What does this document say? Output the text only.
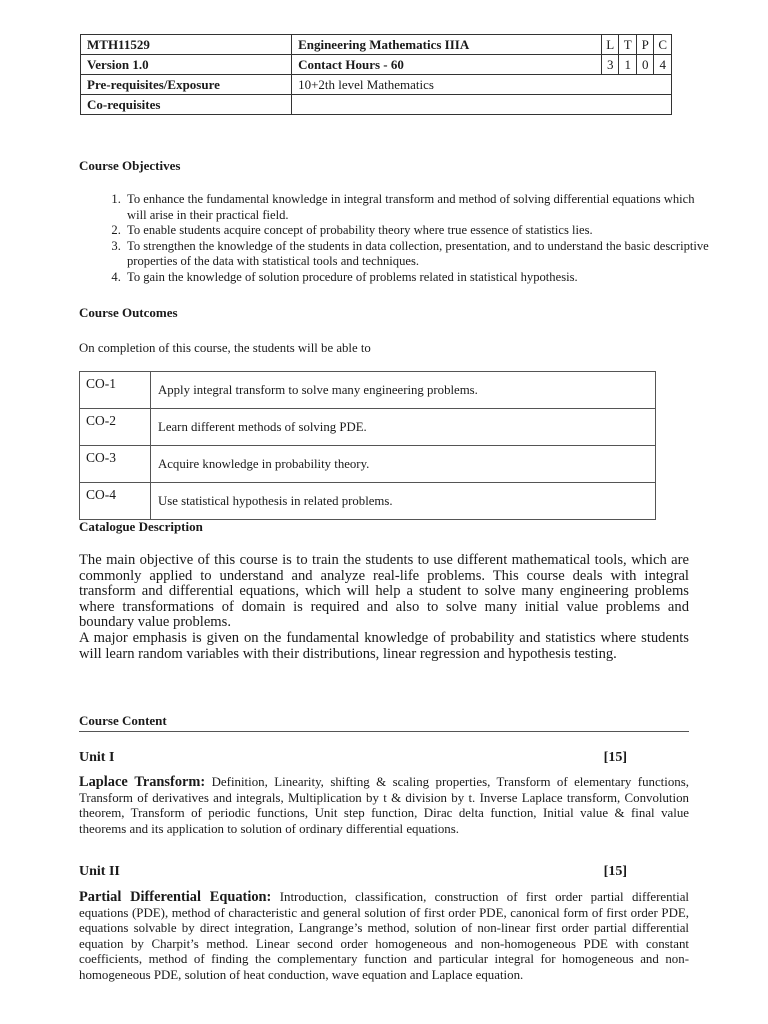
MTH11529	Engineering Mathematics IIIA	L	T	P	C
Version 1.0	Contact Hours - 60	3	1	0	4
Pre-requisites/Exposure	10+2th level Mathematics				
Co-requisites					
Course Objectives
1. To enhance the fundamental knowledge in integral transform and method of solving differential equations which will arise in their practical field.
2. To enable students acquire concept of probability theory where true essence of statistics lies.
3. To strengthen the knowledge of the students in data collection, presentation, and to understand the basic descriptive properties of the data with statistical tools and techniques.
4. To gain the knowledge of solution procedure of problems related in statistical hypothesis.
Course Outcomes
On completion of this course, the students will be able to
CO-1	Apply integral transform to solve many engineering problems.
CO-2	Learn different methods of solving PDE.
CO-3	Acquire knowledge in probability theory.
CO-4	Use statistical hypothesis in related problems.
Catalogue Description

The main objective of this course is to train the students to use different mathematical tools, which are commonly applied to understand and analyze real-life problems. This course deals with integral transform and differential equations, which will help a student to solve many engineering problems where transformations of domain is required and also to solve many initial value problems and boundary value problems.

A major emphasis is given on the fundamental knowledge of probability and statistics where students will learn random variables with their distributions, linear regression and hypothesis testing.

Course Content
Unit I	[15]
Laplace Transform: Definition, Linearity, shifting & scaling properties, Transform of elementary functions, Transform of derivatives and integrals, Multiplication by t & division by t. Inverse Laplace transform, Convolution theorem, Transform of periodic functions, Unit step function, Dirac delta function, Initial value & final value theorems and its application to solution of ordinary differential equations.
Unit II	[15]
Partial Differential Equation: Introduction, classification, construction of first order partial differential equations (PDE), method of characteristic and general solution of first order PDE, canonical form of first order PDE, equations solvable by direct integration, Langrange’s method, solution of non-linear first order partial differential equation by Charpit’s method. Linear second order homogeneous and non-homogeneous PDE with constant coefficients, method of finding the complementary function and particular integral for homogeneous and non-homogeneous PDE, solution of heat conduction, wave equation and Laplace equation.
